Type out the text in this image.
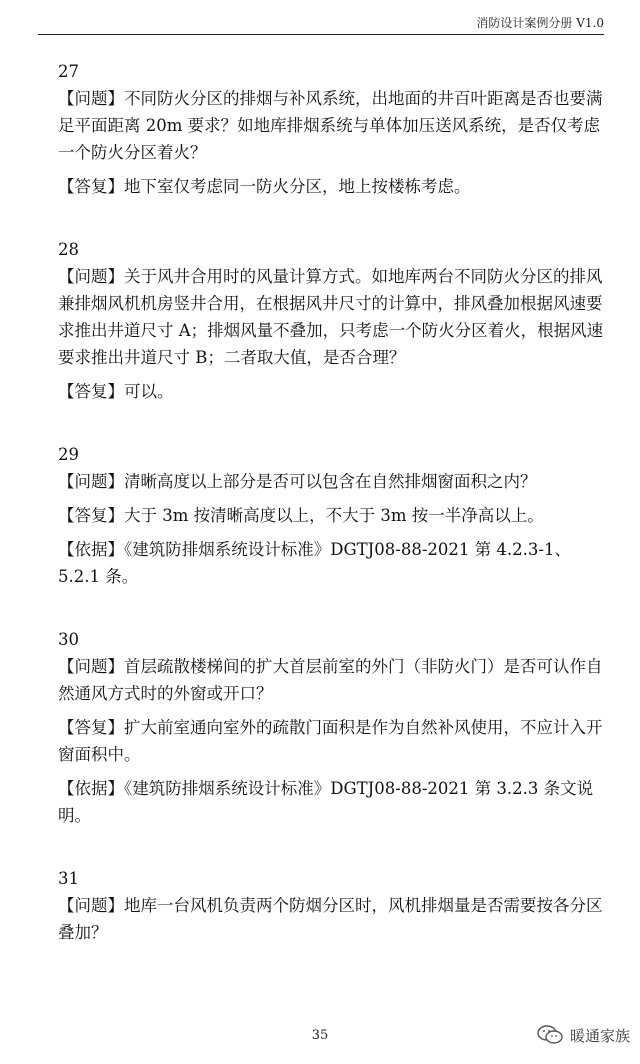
消防设计案例分册 V1.0
27

【问题】不同防火分区的排烟与补风系统，出地面的井百叶距离是否也要满足平面距离 20m 要求？如地库排烟系统与单体加压送风系统，是否仅考虑一个防火分区着火？

【答复】地下室仅考虑同一防火分区，地上按楼栋考虑。

28

【问题】关于风井合用时的风量计算方式。如地库两台不同防火分区的排风兼排烟风机机房竖井合用，在根据风井尺寸的计算中，排风叠加根据风速要求推出井道尺寸 A；排烟风量不叠加，只考虑一个防火分区着火，根据风速要求推出井道尺寸 B；二者取大值，是否合理？

【答复】可以。

29

【问题】清晰高度以上部分是否可以包含在自然排烟窗面积之内？

【答复】大于 3m 按清晰高度以上，不大于 3m 按一半净高以上。

【依据】《建筑防排烟系统设计标准》DGTJ08-88-2021 第 4.2.3-1、5.2.1 条。

30

【问题】首层疏散楼梯间的扩大首层前室的外门（非防火门）是否可认作自然通风方式时的外窗或开口？

【答复】扩大前室通向室外的疏散门面积是作为自然补风使用，不应计入开窗面积中。

【依据】《建筑防排烟系统设计标准》DGTJ08-88-2021 第 3.2.3 条文说明。

31

【问题】地库一台风机负责两个防烟分区时，风机排烟量是否需要按各分区叠加？

35	暖通家族
